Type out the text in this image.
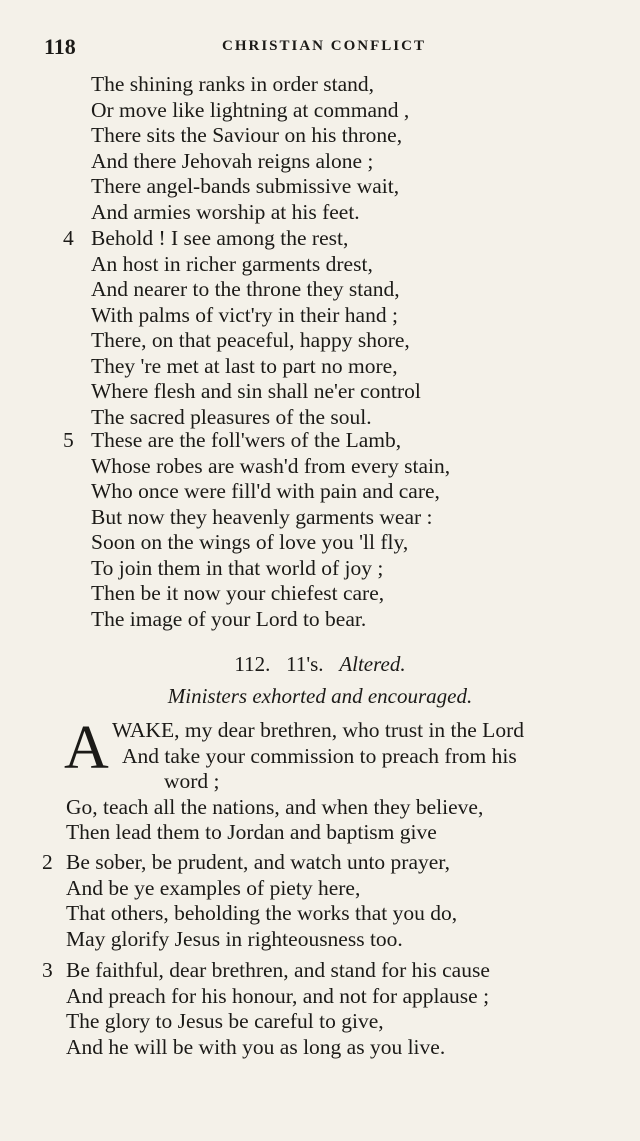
118	CHRISTIAN CONFLICT
The shining ranks in order stand,
Or move like lightning at command ,
There sits the Saviour on his throne,
And there Jehovah reigns alone ;
There angel-bands submissive wait,
And armies worship at his feet.
4 Behold ! I see among the rest,
An host in richer garments drest,
And nearer to the throne they stand,
With palms of vict'ry in their hand ;
There, on that peaceful, happy shore,
They 're met at last to part no more,
Where flesh and sin shall ne'er control
The sacred pleasures of the soul.
5 These are the foll'wers of the Lamb,
Whose robes are wash'd from every stain,
Who once were fill'd with pain and care,
But now they heavenly garments wear :
Soon on the wings of love you 'll fly,
To join them in that world of joy ;
Then be it now your chiefest care,
The image of your Lord to bear.
112. 11's. Altered.
Ministers exhorted and encouraged.
A WAKE, my dear brethren, who trust in the Lord
And take your commission to preach from his
word ;
Go, teach all the nations, and when they believe,
Then lead them to Jordan and baptism give
2 Be sober, be prudent, and watch unto prayer,
And be ye examples of piety here,
That others, beholding the works that you do,
May glorify Jesus in righteousness too.
3 Be faithful, dear brethren, and stand for his cause
And preach for his honour, and not for applause ;
The glory to Jesus be careful to give,
And he will be with you as long as you live.
